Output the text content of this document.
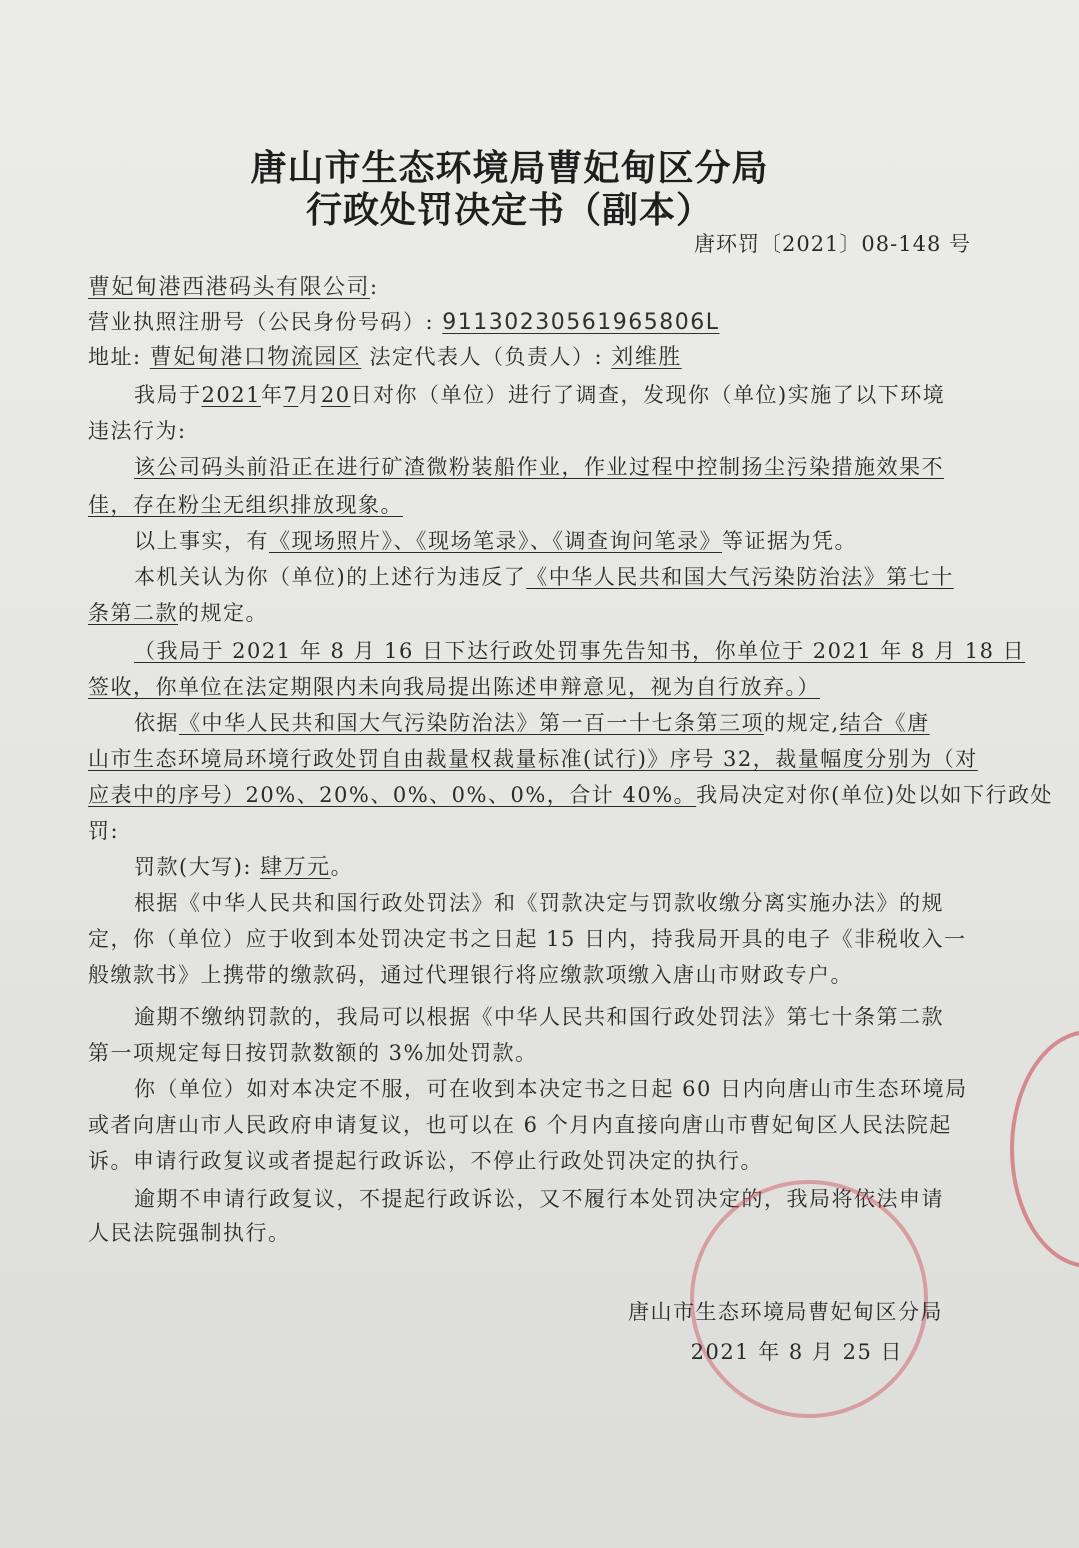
唐山市生态环境局曹妃甸区分局
行政处罚决定书（副本）
唐环罚〔2021〕08-148 号
曹妃甸港西港码头有限公司:
营业执照注册号（公民身份号码）: 91130230561965806L
地址: 曹妃甸港口物流园区 法定代表人（负责人）: 刘维胜
我局于2021年7月20日对你（单位）进行了调查，发现你（单位)实施了以下环境
违法行为:
该公司码头前沿正在进行矿渣微粉装船作业，作业过程中控制扬尘污染措施效果不
佳，存在粉尘无组织排放现象。
以上事实，有《现场照片》、《现场笔录》、《调查询问笔录》等证据为凭。
本机关认为你（单位)的上述行为违反了《中华人民共和国大气污染防治法》第七十
条第二款的规定。
（我局于 2021 年 8 月 16 日下达行政处罚事先告知书，你单位于 2021 年 8 月 18 日
签收，你单位在法定期限内未向我局提出陈述申辩意见，视为自行放弃。）
依据《中华人民共和国大气污染防治法》第一百一十七条第三项的规定,结合《唐
山市生态环境局环境行政处罚自由裁量权裁量标准(试行)》序号 32，裁量幅度分别为（对
应表中的序号）20%、20%、0%、0%、0%，合计 40%。我局决定对你(单位)处以如下行政处
罚:
罚款(大写): 肆万元。
根据《中华人民共和国行政处罚法》和《罚款决定与罚款收缴分离实施办法》的规
定，你（单位）应于收到本处罚决定书之日起 15 日内，持我局开具的电子《非税收入一
般缴款书》上携带的缴款码，通过代理银行将应缴款项缴入唐山市财政专户。
逾期不缴纳罚款的，我局可以根据《中华人民共和国行政处罚法》第七十条第二款
第一项规定每日按罚款数额的 3%加处罚款。
你（单位）如对本决定不服，可在收到本决定书之日起 60 日内向唐山市生态环境局
或者向唐山市人民政府申请复议，也可以在 6 个月内直接向唐山市曹妃甸区人民法院起
诉。申请行政复议或者提起行政诉讼，不停止行政处罚决定的执行。
逾期不申请行政复议，不提起行政诉讼，又不履行本处罚决定的，我局将依法申请
人民法院强制执行。
唐山市生态环境局曹妃甸区分局
2021 年 8 月 25 日
